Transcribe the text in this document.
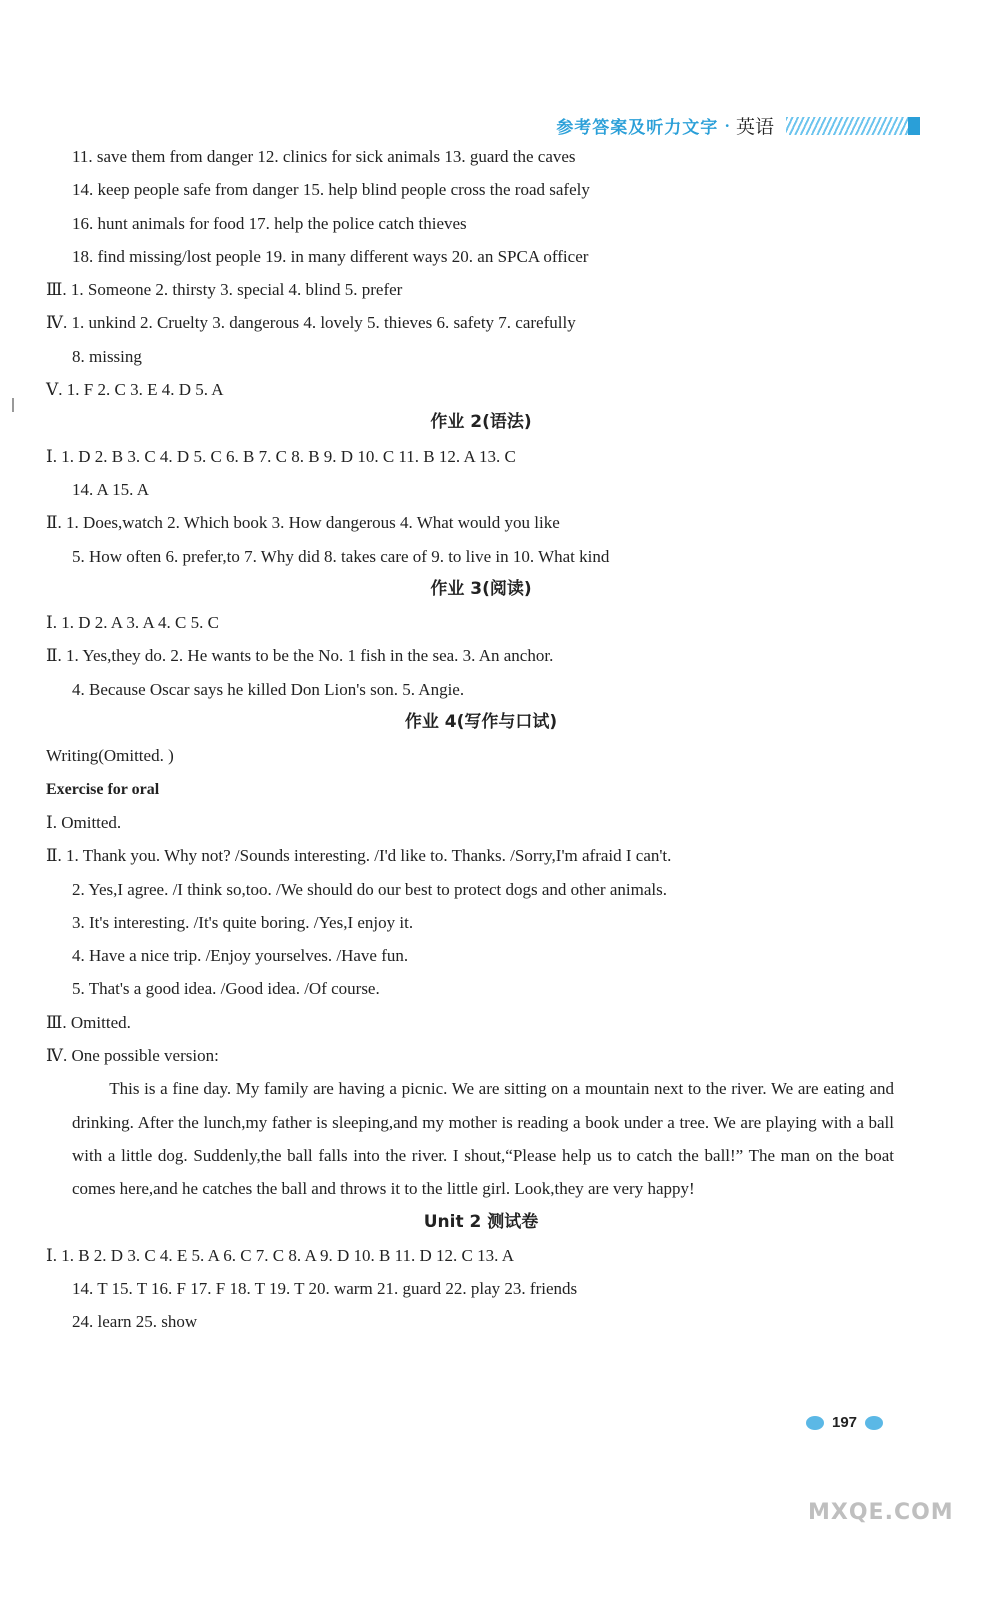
参考答案及听力文字 · 英语
11. save them from danger 12. clinics for sick animals 13. guard the caves
14. keep people safe from danger 15. help blind people cross the road safely
16. hunt animals for food 17. help the police catch thieves
18. find missing/lost people 19. in many different ways 20. an SPCA officer
Ⅲ. 1. Someone 2. thirsty 3. special 4. blind 5. prefer
Ⅳ. 1. unkind 2. Cruelty 3. dangerous 4. lovely 5. thieves 6. safety 7. carefully
8. missing
Ⅴ. 1. F 2. C 3. E 4. D 5. A
作业 2(语法)
Ⅰ. 1. D 2. B 3. C 4. D 5. C 6. B 7. C 8. B 9. D 10. C 11. B 12. A 13. C
14. A 15. A
Ⅱ. 1. Does,watch 2. Which book 3. How dangerous 4. What would you like
5. How often 6. prefer,to 7. Why did 8. takes care of 9. to live in 10. What kind
作业 3(阅读)
Ⅰ. 1. D 2. A 3. A 4. C 5. C
Ⅱ. 1. Yes,they do. 2. He wants to be the No. 1 fish in the sea. 3. An anchor.
4. Because Oscar says he killed Don Lion's son. 5. Angie.
作业 4(写作与口试)
Writing(Omitted. )
Exercise for oral
Ⅰ. Omitted.
Ⅱ. 1. Thank you. Why not? /Sounds interesting. /I'd like to. Thanks. /Sorry,I'm afraid I can't.
2. Yes,I agree. /I think so,too. /We should do our best to protect dogs and other animals.
3. It's interesting. /It's quite boring. /Yes,I enjoy it.
4. Have a nice trip. /Enjoy yourselves. /Have fun.
5. That's a good idea. /Good idea. /Of course.
Ⅲ. Omitted.
Ⅳ. One possible version:
This is a fine day. My family are having a picnic. We are sitting on a mountain next to the river. We are eating and drinking. After the lunch,my father is sleeping,and my mother is reading a book under a tree. We are playing with a ball with a little dog. Suddenly,the ball falls into the river. I shout,“Please help us to catch the ball!” The man on the boat comes here,and he catches the ball and throws it to the little girl. Look,they are very happy!
Unit 2 测试卷
Ⅰ. 1. B 2. D 3. C 4. E 5. A 6. C 7. C 8. A 9. D 10. B 11. D 12. C 13. A
14. T 15. T 16. F 17. F 18. T 19. T 20. warm 21. guard 22. play 23. friends
24. learn 25. show
197
MXQE.COM
